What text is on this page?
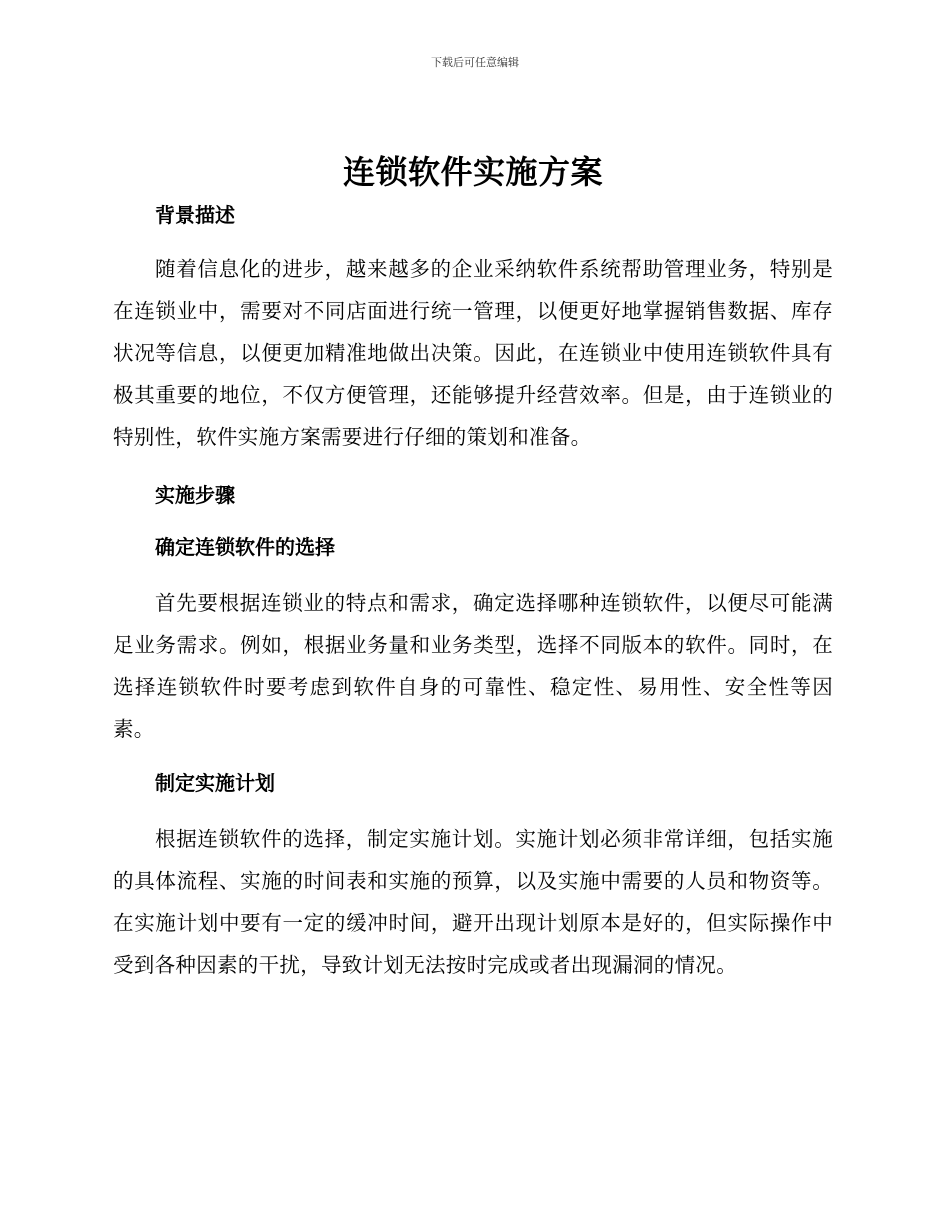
下载后可任意编辑
连锁软件实施方案
背景描述

随着信息化的进步，越来越多的企业采纳软件系统帮助管理业务，特别是在连锁业中，需要对不同店面进行统一管理，以便更好地掌握销售数据、库存状况等信息，以便更加精准地做出决策。因此，在连锁业中使用连锁软件具有极其重要的地位，不仅方便管理，还能够提升经营效率。但是，由于连锁业的特别性，软件实施方案需要进行仔细的策划和准备。

实施步骤
确定连锁软件的选择

首先要根据连锁业的特点和需求，确定选择哪种连锁软件，以便尽可能满足业务需求。例如，根据业务量和业务类型，选择不同版本的软件。同时，在选择连锁软件时要考虑到软件自身的可靠性、稳定性、易用性、安全性等因素。

制定实施计划

根据连锁软件的选择，制定实施计划。实施计划必须非常详细，包括实施的具体流程、实施的时间表和实施的预算，以及实施中需要的人员和物资等。在实施计划中要有一定的缓冲时间，避开出现计划原本是好的，但实际操作中受到各种因素的干扰，导致计划无法按时完成或者出现漏洞的情况。
